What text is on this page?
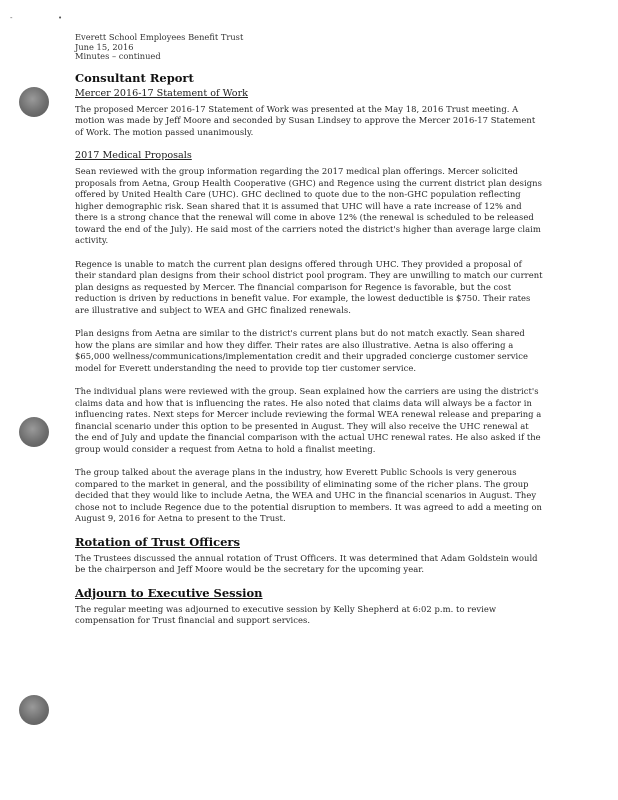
‑	•
Everett School Employees Benefit Trust
June 15, 2016
Minutes – continued
Consultant Report
Mercer 2016-17 Statement of Work

The proposed Mercer 2016-17 Statement of Work was presented at the May 18, 2016 Trust meeting. A motion was made by Jeff Moore and seconded by Susan Lindsey to approve the Mercer 2016-17 Statement of Work. The motion passed unanimously.

2017 Medical Proposals

Sean reviewed with the group information regarding the 2017 medical plan offerings. Mercer solicited proposals from Aetna, Group Health Cooperative (GHC) and Regence using the current district plan designs offered by United Health Care (UHC). GHC declined to quote due to the non-GHC population reflecting higher demographic risk. Sean shared that it is assumed that UHC will have a rate increase of 12% and there is a strong chance that the renewal will come in above 12% (the renewal is scheduled to be released toward the end of the July). He said most of the carriers noted the district's higher than average large claim activity.

Regence is unable to match the current plan designs offered through UHC. They provided a proposal of their standard plan designs from their school district pool program. They are unwilling to match our current plan designs as requested by Mercer. The financial comparison for Regence is favorable, but the cost reduction is driven by reductions in benefit value. For example, the lowest deductible is $750. Their rates are illustrative and subject to WEA and GHC finalized renewals.

Plan designs from Aetna are similar to the district's current plans but do not match exactly. Sean shared how the plans are similar and how they differ. Their rates are also illustrative. Aetna is also offering a $65,000 wellness/communications/implementation credit and their upgraded concierge customer service model for Everett understanding the need to provide top tier customer service.

The individual plans were reviewed with the group. Sean explained how the carriers are using the district's claims data and how that is influencing the rates. He also noted that claims data will always be a factor in influencing rates. Next steps for Mercer include reviewing the formal WEA renewal release and preparing a financial scenario under this option to be presented in August. They will also receive the UHC renewal at the end of July and update the financial comparison with the actual UHC renewal rates. He also asked if the group would consider a request from Aetna to hold a finalist meeting.

The group talked about the average plans in the industry, how Everett Public Schools is very generous compared to the market in general, and the possibility of eliminating some of the richer plans. The group decided that they would like to include Aetna, the WEA and UHC in the financial scenarios in August. They chose not to include Regence due to the potential disruption to members. It was agreed to add a meeting on August 9, 2016 for Aetna to present to the Trust.

Rotation of Trust Officers

The Trustees discussed the annual rotation of Trust Officers. It was determined that Adam Goldstein would be the chairperson and Jeff Moore would be the secretary for the upcoming year.

Adjourn to Executive Session

The regular meeting was adjourned to executive session by Kelly Shepherd at 6:02 p.m. to review compensation for Trust financial and support services.
